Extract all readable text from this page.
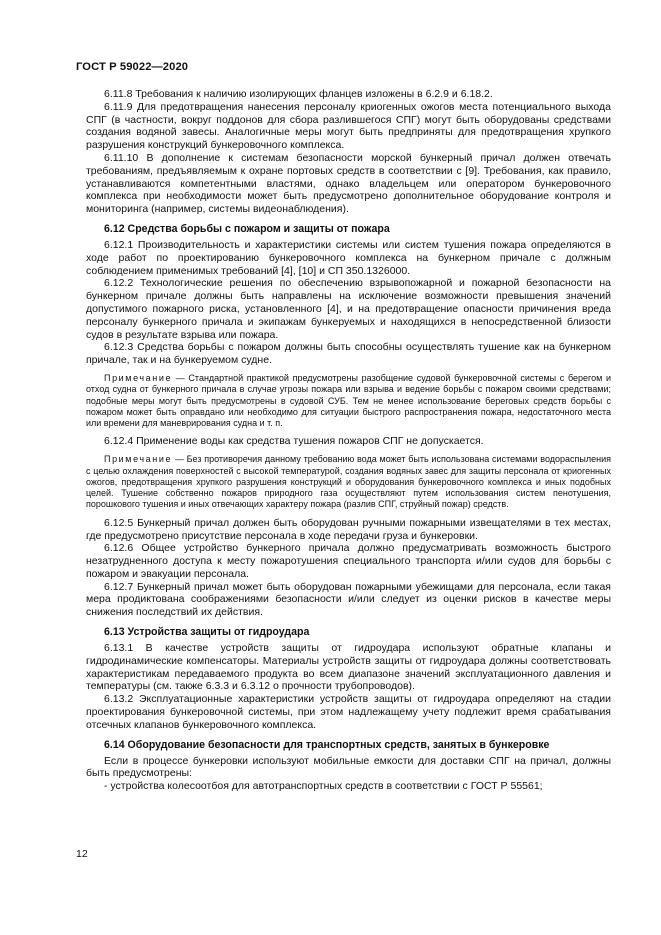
ГОСТ Р 59022—2020

6.11.8 Требования к наличию изолирующих фланцев изложены в 6.2.9 и 6.18.2.

6.11.9 Для предотвращения нанесения персоналу криогенных ожогов места потенциального выхода СПГ (в частности, вокруг поддонов для сбора разлившегося СПГ) могут быть оборудованы средствами создания водяной завесы. Аналогичные меры могут быть предприняты для предотвращения хрупкого разрушения конструкций бункеровочного комплекса.

6.11.10 В дополнение к системам безопасности морской бункерный причал должен отвечать требованиям, предъявляемым к охране портовых средств в соответствии с [9]. Требования, как правило, устанавливаются компетентными властями, однако владельцем или оператором бункеровочного комплекса при необходимости может быть предусмотрено дополнительное оборудование контроля и мониторинга (например, системы видеонаблюдения).

6.12 Средства борьбы с пожаром и защиты от пожара

6.12.1 Производительность и характеристики системы или систем тушения пожара определяются в ходе работ по проектированию бункеровочного комплекса на бункерном причале с должным соблюдением применимых требований [4], [10] и СП 350.1326000.

6.12.2 Технологические решения по обеспечению взрывопожарной и пожарной безопасности на бункерном причале должны быть направлены на исключение возможности превышения значений допустимого пожарного риска, установленного [4], и на предотвращение опасности причинения вреда персоналу бункерного причала и экипажам бункеруемых и находящихся в непосредственной близости судов в результате взрыва или пожара.

6.12.3 Средства борьбы с пожаром должны быть способны осуществлять тушение как на бункерном причале, так и на бункеруемом судне.

Примечание — Стандартной практикой предусмотрены разобщение судовой бункеровочной системы с берегом и отход судна от бункерного причала в случае угрозы пожара или взрыва и ведение борьбы с пожаром своими средствами; подобные меры могут быть предусмотрены в судовой СУБ. Тем не менее использование береговых средств борьбы с пожаром может быть оправдано или необходимо для ситуации быстрого распространения пожара, недостаточного места или времени для маневрирования судна и т. п.

6.12.4 Применение воды как средства тушения пожаров СПГ не допускается.

Примечание — Без противоречия данному требованию вода может быть использована системами водораспыления с целью охлаждения поверхностей с высокой температурой, создания водяных завес для защиты персонала от криогенных ожогов, предотвращения хрупкого разрушения конструкций и оборудования бункеровочного комплекса и иных подобных целей. Тушение собственно пожаров природного газа осуществляют путем использования систем пенотушения, порошкового тушения и иных отвечающих характеру пожара (разлив СПГ, струйный пожар) средств.

6.12.5 Бункерный причал должен быть оборудован ручными пожарными извещателями в тех местах, где предусмотрено присутствие персонала в ходе передачи груза и бункеровки.

6.12.6 Общее устройство бункерного причала должно предусматривать возможность быстрого незатрудненного доступа к месту пожаротушения специального транспорта и/или судов для борьбы с пожаром и эвакуации персонала.

6.12.7 Бункерный причал может быть оборудован пожарными убежищами для персонала, если такая мера продиктована соображениями безопасности и/или следует из оценки рисков в качестве меры снижения последствий их действия.

6.13 Устройства защиты от гидроудара

6.13.1 В качестве устройств защиты от гидроудара используют обратные клапаны и гидродинамические компенсаторы. Материалы устройств защиты от гидроудара должны соответствовать характеристикам передаваемого продукта во всем диапазоне значений эксплуатационного давления и температуры (см. также 6.3.3 и 6.3.12 о прочности трубопроводов).

6.13.2 Эксплуатационные характеристики устройств защиты от гидроудара определяют на стадии проектирования бункеровочной системы, при этом надлежащему учету подлежит время срабатывания отсечных клапанов бункеровочного комплекса.

6.14 Оборудование безопасности для транспортных средств, занятых в бункеровке

Если в процессе бункеровки используют мобильные емкости для доставки СПГ на причал, должны быть предусмотрены:

- устройства колесоотбоя для автотранспортных средств в соответствии с ГОСТ Р 55561;

12
